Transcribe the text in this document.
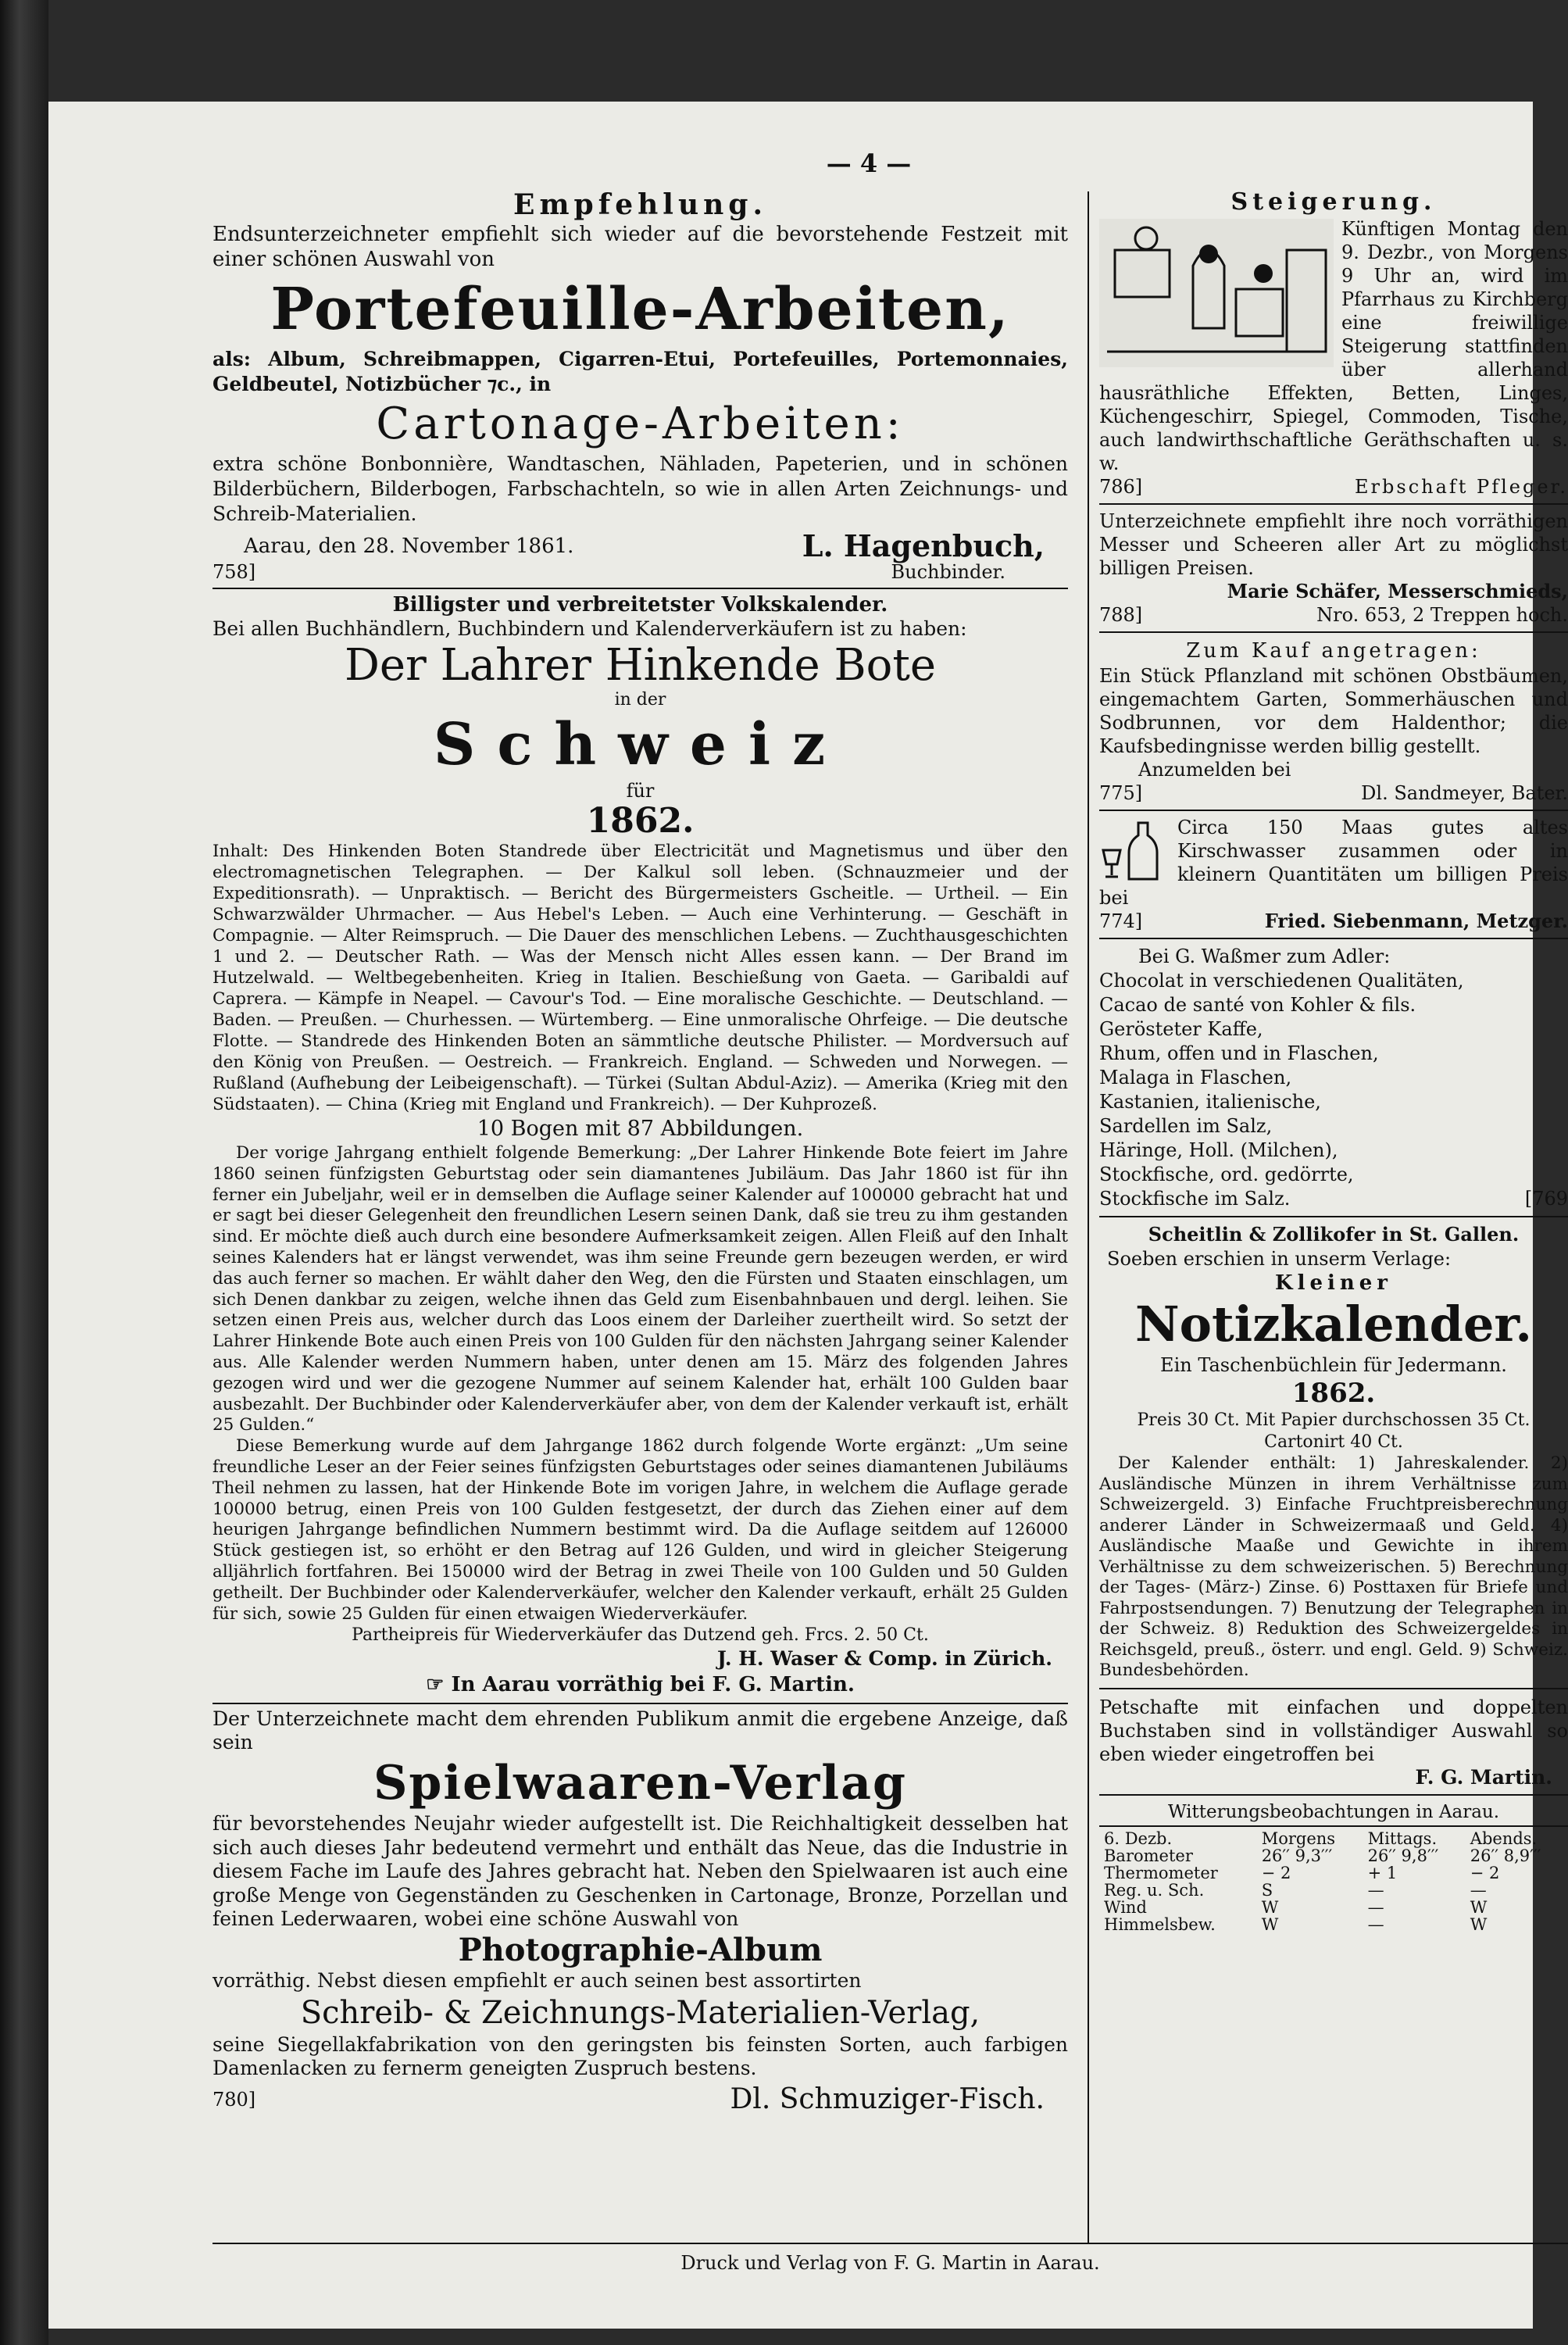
— 4 —
Empfehlung.
Endsunterzeichneter empfiehlt sich wieder auf die bevorstehende Festzeit mit einer schönen Auswahl von
Portefeuille-Arbeiten,
als: Album, Schreibmappen, Cigarren-Etui, Portefeuilles, Portemonnaies, Geldbeutel, Notizbücher ⁊c., in
Cartonage-Arbeiten:
extra schöne Bonbonnière, Wandtaschen, Nähladen, Papeterien, und in schönen Bilderbüchern, Bilderbogen, Farbschachteln, so wie in allen Arten Zeichnungs- und Schreib-Materialien.
Aarau, den 28. November 1861.	L. Hagenbuch,
758]	Buchbinder.
Billigster und verbreitetster Volkskalender.
Bei allen Buchhändlern, Buchbindern und Kalenderverkäufern ist zu haben:
Der Lahrer Hinkende Bote
in der
Schweiz
für
1862.
Inhalt: Des Hinkenden Boten Standrede über Electricität und Magnetismus und über den electromagnetischen Telegraphen. — Der Kalkul soll leben. (Schnauzmeier und der Expeditionsrath). — Unpraktisch. — Bericht des Bürgermeisters Gscheitle. — Urtheil. — Ein Schwarzwälder Uhrmacher. — Aus Hebel's Leben. — Auch eine Verhinterung. — Geschäft in Compagnie. — Alter Reimspruch. — Die Dauer des menschlichen Lebens. — Zuchthausgeschichten 1 und 2. — Deutscher Rath. — Was der Mensch nicht Alles essen kann. — Der Brand im Hutzelwald. — Weltbegebenheiten. Krieg in Italien. Beschießung von Gaeta. — Garibaldi auf Caprera. — Kämpfe in Neapel. — Cavour's Tod. — Eine moralische Geschichte. — Deutschland. — Baden. — Preußen. — Churhessen. — Würtemberg. — Eine unmoralische Ohrfeige. — Die deutsche Flotte. — Standrede des Hinkenden Boten an sämmtliche deutsche Philister. — Mordversuch auf den König von Preußen. — Oestreich. — Frankreich. England. — Schweden und Norwegen. — Rußland (Aufhebung der Leibeigenschaft). — Türkei (Sultan Abdul-Aziz). — Amerika (Krieg mit den Südstaaten). — China (Krieg mit England und Frankreich). — Der Kuhprozeß.
10 Bogen mit 87 Abbildungen.
Der vorige Jahrgang enthielt folgende Bemerkung: „Der Lahrer Hinkende Bote feiert im Jahre 1860 seinen fünfzigsten Geburtstag oder sein diamantenes Jubiläum. Das Jahr 1860 ist für ihn ferner ein Jubeljahr, weil er in demselben die Auflage seiner Kalender auf 100000 gebracht hat und er sagt bei dieser Gelegenheit den freundlichen Lesern seinen Dank, daß sie treu zu ihm gestanden sind. Er möchte dieß auch durch eine besondere Aufmerksamkeit zeigen. Allen Fleiß auf den Inhalt seines Kalenders hat er längst verwendet, was ihm seine Freunde gern bezeugen werden, er wird das auch ferner so machen. Er wählt daher den Weg, den die Fürsten und Staaten einschlagen, um sich Denen dankbar zu zeigen, welche ihnen das Geld zum Eisenbahnbauen und dergl. leihen. Sie setzen einen Preis aus, welcher durch das Loos einem der Darleiher zuertheilt wird. So setzt der Lahrer Hinkende Bote auch einen Preis von 100 Gulden für den nächsten Jahrgang seiner Kalender aus. Alle Kalender werden Nummern haben, unter denen am 15. März des folgenden Jahres gezogen wird und wer die gezogene Nummer auf seinem Kalender hat, erhält 100 Gulden baar ausbezahlt. Der Buchbinder oder Kalenderverkäufer aber, von dem der Kalender verkauft ist, erhält 25 Gulden.“
Diese Bemerkung wurde auf dem Jahrgange 1862 durch folgende Worte ergänzt: „Um seine freundliche Leser an der Feier seines fünfzigsten Geburtstages oder seines diamantenen Jubiläums Theil nehmen zu lassen, hat der Hinkende Bote im vorigen Jahre, in welchem die Auflage gerade 100000 betrug, einen Preis von 100 Gulden festgesetzt, der durch das Ziehen einer auf dem heurigen Jahrgange befindlichen Nummern bestimmt wird. Da die Auflage seitdem auf 126000 Stück gestiegen ist, so erhöht er den Betrag auf 126 Gulden, und wird in gleicher Steigerung alljährlich fortfahren. Bei 150000 wird der Betrag in zwei Theile von 100 Gulden und 50 Gulden getheilt. Der Buchbinder oder Kalenderverkäufer, welcher den Kalender verkauft, erhält 25 Gulden für sich, sowie 25 Gulden für einen etwaigen Wiederverkäufer.
Partheipreis für Wiederverkäufer das Dutzend geh. Frcs. 2. 50 Ct.
J. H. Waser & Comp. in Zürich.
☞ In Aarau vorräthig bei F. G. Martin.
Der Unterzeichnete macht dem ehrenden Publikum anmit die ergebene Anzeige, daß sein
Spielwaaren-Verlag
für bevorstehendes Neujahr wieder aufgestellt ist. Die Reichhaltigkeit desselben hat sich auch dieses Jahr bedeutend vermehrt und enthält das Neue, das die Industrie in diesem Fache im Laufe des Jahres gebracht hat. Neben den Spielwaaren ist auch eine große Menge von Gegenständen zu Geschenken in Cartonage, Bronze, Porzellan und feinen Lederwaaren, wobei eine schöne Auswahl von
Photographie-Album
vorräthig. Nebst diesen empfiehlt er auch seinen best assortirten
Schreib- & Zeichnungs-Materialien-Verlag,
seine Siegellakfabrikation von den geringsten bis feinsten Sorten, auch farbigen Damenlacken zu fernerm geneigten Zuspruch bestens.
780]	Dl. Schmuziger-Fisch.
Steigerung.
Künftigen Montag den 9. Dezbr., von Morgens 9 Uhr an, wird im Pfarrhaus zu Kirchberg eine freiwillige Steigerung stattfinden über allerhand hausräthliche Effekten, Betten, Linges, Küchengeschirr, Spiegel, Commoden, Tische, auch landwirthschaftliche Geräthschaften u. s. w.
786]	Erbschaft Pfleger.
Unterzeichnete empfiehlt ihre noch vorräthigen Messer und Scheeren aller Art zu möglichst billigen Preisen.
Marie Schäfer, Messerschmieds,
788]	Nro. 653, 2 Treppen hoch.
Zum Kauf angetragen:
Ein Stück Pflanzland mit schönen Obstbäumen, eingemachtem Garten, Sommerhäuschen und Sodbrunnen, vor dem Haldenthor; die Kaufsbedingnisse werden billig gestellt.
Anzumelden bei
775]	Dl. Sandmeyer, Bater.
Circa 150 Maas gutes altes Kirschwasser zusammen oder in kleinern Quantitäten um billigen Preis bei
774]	Fried. Siebenmann, Metzger.
Bei G. Waßmer zum Adler:
Chocolat in verschiedenen Qualitäten,
Cacao de santé von Kohler & fils.
Gerösteter Kaffe,
Rhum, offen und in Flaschen,
Malaga in Flaschen,
Kastanien, italienische,
Sardellen im Salz,
Häringe, Holl. (Milchen),
Stockfische, ord. gedörrte,
Stockfische im Salz.	[769
Scheitlin & Zollikofer in St. Gallen.
Soeben erschien in unserm Verlage:
Kleiner
Notizkalender.
Ein Taschenbüchlein für Jedermann.
1862.
Preis 30 Ct. Mit Papier durchschossen 35 Ct.
Cartonirt 40 Ct.
Der Kalender enthält: 1) Jahreskalender. 2) Ausländische Münzen in ihrem Verhältnisse zum Schweizergeld. 3) Einfache Fruchtpreisberechnung anderer Länder in Schweizermaaß und Geld. 4) Ausländische Maaße und Gewichte in ihrem Verhältnisse zu dem schweizerischen. 5) Berechnung der Tages- (März-) Zinse. 6) Posttaxen für Briefe und Fahrpostsendungen. 7) Benutzung der Telegraphen in der Schweiz. 8) Reduktion des Schweizergeldes in Reichsgeld, preuß., österr. und engl. Geld. 9) Schweiz. Bundesbehörden.
Petschafte mit einfachen und doppelten Buchstaben sind in vollständiger Auswahl so eben wieder eingetroffen bei
F. G. Martin.
Witterungsbeobachtungen in Aarau.
6. Dezb.	Morgens	Mittags.	Abends.
Barometer	26′′ 9,3′′′	26′′ 9,8′′′	26′′ 8,9′′′
Thermometer	− 2	+ 1	− 2
Reg. u. Sch.	S	—	—
Wind	W	—	W
Himmelsbew.	W	—	W
Druck und Verlag von F. G. Martin in Aarau.
